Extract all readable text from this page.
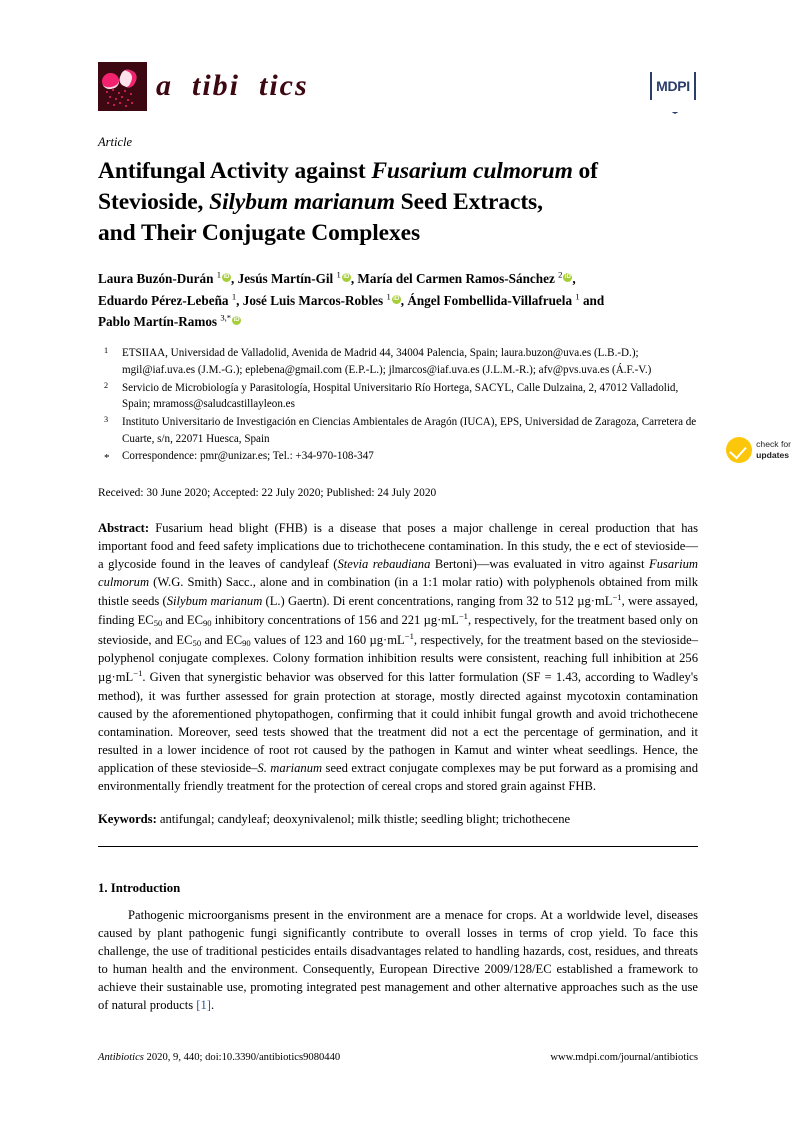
a  tibi  tics	MDPI
Article
Antifungal Activity against Fusarium culmorum of
Stevioside, Silybum marianum Seed Extracts,
and Their Conjugate Complexes
Laura Buzón-Durán $^1$ iD , Jesús Martín-Gil $^1$ iD , María del Carmen Ramos-Sánchez $^2$ iD ,
Eduardo Pérez-Lebeña $^1$, José Luis Marcos-Robles $^1$ iD , Ángel Fombellida-Villafruela $^1$ and
Pablo Martín-Ramos $^{3,*}$iD
$^1$	ETSIIAA, Universidad de Valladolid, Avenida de Madrid 44, 34004 Palencia, Spain; laura.buzon@uva.es (L.B.-D.); mgil@iaf.uva.es (J.M.-G.); eplebena@gmail.com (E.P.-L.); jlmarcos@iaf.uva.es (J.L.M.-R.); afv@pvs.uva.es (Á.F.-V.)
$^2$	Servicio de Microbiología y Parasitología, Hospital Universitario Río Hortega, SACYL, Calle Dulzaina, 2, 47012 Valladolid, Spain; mramoss@saludcastillayleon.es
$^3$	Instituto Universitario de Investigación en Ciencias Ambientales de Aragón (IUCA), EPS, Universidad de Zaragoza, Carretera de Cuarte, s/n, 22071 Huesca, Spain
*	Correspondence: pmr@unizar.es; Tel.: +34-970-108-347
Received: 30 June 2020; Accepted: 22 July 2020; Published: 24 July 2020
Abstract: Fusarium head blight (FHB) is a disease that poses a major challenge in cereal production that has important food and feed safety implications due to trichothecene contamination. In this study, the e ect of stevioside—a glycoside found in the leaves of candyleaf (Stevia rebaudiana Bertoni)—was evaluated in vitro against Fusarium culmorum (W.G. Smith) Sacc., alone and in combination (in a 1:1 molar ratio) with polyphenols obtained from milk thistle seeds (Silybum marianum (L.) Gaertn). Di erent concentrations, ranging from 32 to 512 $\mu g\cdot mL^{-1}$, were assayed, finding $EC_{50}$ and $EC_{90}$ inhibitory concentrations of 156 and 221 $\mu g\cdot mL^{-1}$, respectively, for the treatment based only on stevioside, and $EC_{50}$ and $EC_{90}$ values of 123 and 160 $\mu g\cdot mL^{-1}$, respectively, for the treatment based on the stevioside–polyphenol conjugate complexes. Colony formation inhibition results were consistent, reaching full inhibition at 256 $\mu g\cdot mL^{-1}$. Given that synergistic behavior was observed for this latter formulation (SF = 1.43, according to Wadley's method), it was further assessed for grain protection at storage, mostly directed against mycotoxin contamination caused by the aforementioned phytopathogen, confirming that it could inhibit fungal growth and avoid trichothecene contamination. Moreover, seed tests showed that the treatment did not a ect the percentage of germination, and it resulted in a lower incidence of root rot caused by the pathogen in Kamut and winter wheat seedlings. Hence, the application of these stevioside–S. marianum seed extract conjugate complexes may be put forward as a promising and environmentally friendly treatment for the protection of cereal crops and stored grain against FHB.
Keywords: antifungal; candyleaf; deoxynivalenol; milk thistle; seedling blight; trichothecene
1. Introduction
Pathogenic microorganisms present in the environment are a menace for crops. At a worldwide level, diseases caused by plant pathogenic fungi significantly contribute to overall losses in terms of crop yield. To face this challenge, the use of traditional pesticides entails disadvantages related to handling hazards, cost, residues, and threats to human health and the environment. Consequently, European Directive 2009/128/EC established a framework to achieve their sustainable use, promoting integrated pest management and other alternative approaches such as the use of natural products [1].
check for
updates
Antibiotics 2020, 9, 440; doi:10.3390/antibiotics9080440	www.mdpi.com/journal/antibiotics
